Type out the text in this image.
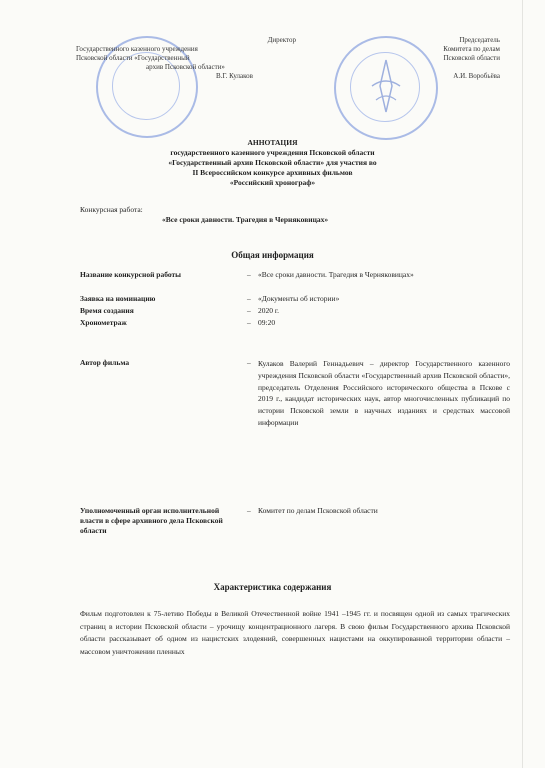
Директор
Государственного казенного учреждения
Псковской области «Государственный
архив Псковской области»
В.Г. Кулаков
Председатель
Комитета по делам
Псковской области

А.И. Воробьёва
АННОТАЦИЯ
государственного казенного учреждения Псковской области
«Государственный архив Псковской области» для участия во
II Всероссийском конкурсе архивных фильмов
«Российский хронограф»
Конкурсная работа:
«Все сроки давности. Трагедия в Черняковицах»
Общая информация
Название конкурсной работы	– «Все сроки давности. Трагедия в Черняковицах»
Заявка на номинацию	– «Документы об истории»
Время создания	– 2020 г.
Хронометраж	– 09:20
Автор фильма	– Кулаков Валерий Геннадьевич – директор Государственного казенного учреждения Псковской области «Государственный архив Псковской области», председатель Отделения Российского исторического общества в Пскове с 2019 г., кандидат исторических наук, автор многочисленных публикаций по истории Псковской земли в научных изданиях и средствах массовой информации
Уполномоченный орган исполнительной власти в сфере архивного дела Псковской области
– Комитет по делам Псковской области
Характеристика содержания
Фильм подготовлен к 75-летию Победы в Великой Отечественной войне 1941 –1945 гг. и посвящен одной из самых трагических страниц в истории Псковской области – урочищу концентрационного лагеря. В свою фильм Государственного архива Псковской области рассказывает об одном из нацистских злодеяний, совершенных нацистами на оккупированной территории области – массовом уничтожении пленных
